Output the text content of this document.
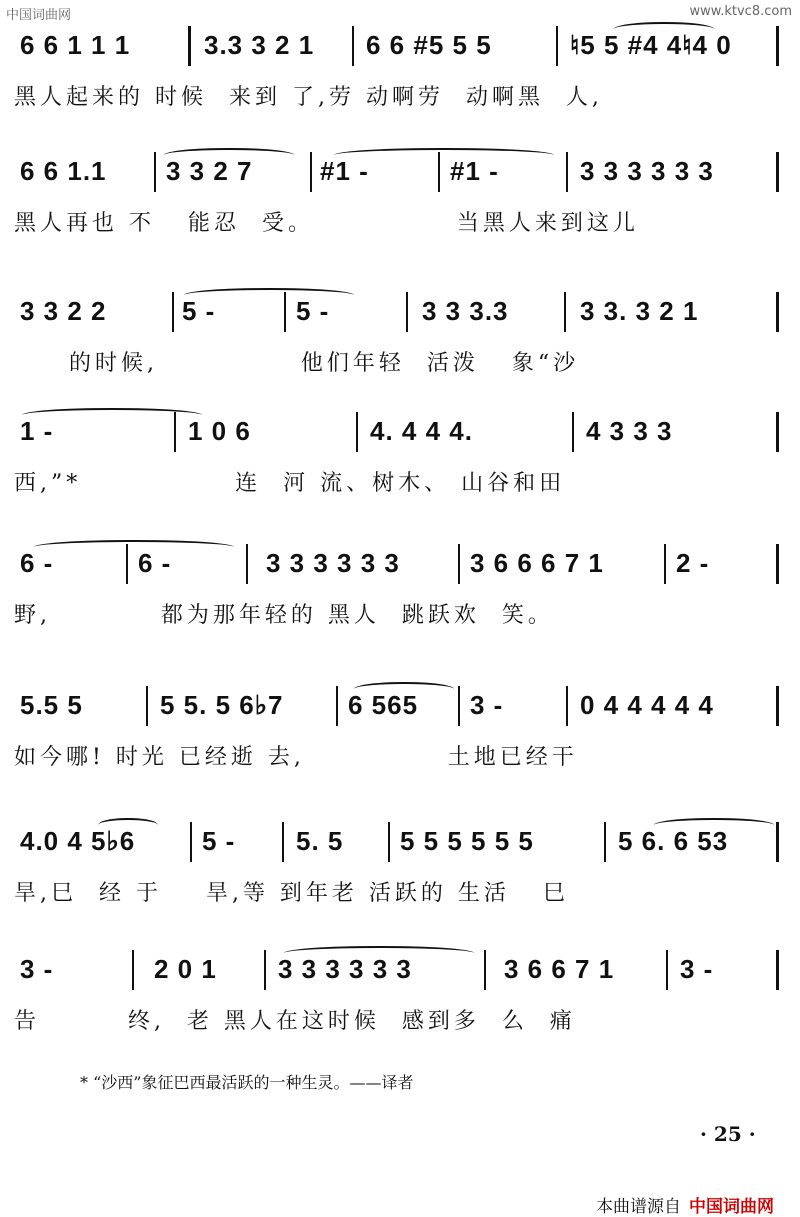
中国词曲网	www.ktvc8.com
6 6 1 1 1	3.3 3 2 1 6 6 #5 5 5	♮5 5 #4 4♮4 0
黑人起来的 时候  来到 了,劳 动啊劳  动啊黑  人,
6 6 1.1 3 3 2 7	#1 -	#1 -	3 3 3 3 3 3
黑人再也 不   能忍  受。             当黑人来到这儿
3 3 2 2	5 -	5 -	3 3 3.3	3 3. 3 2 1
的时候,             他们年轻  活泼   象“沙
1 -	1 0 6	4. 4 4 4.	4 3 3 3
西,”*              连  河 流、树木、 山谷和田
6 -	6 -	3 3 3 3 3 3	3 6 6 6 7 1	2 -
野,          都为那年轻的 黑人  跳跃欢  笑。
5.5 5	5 5. 5 6♭7 6 565 3 -	0 4 4 4 4 4
如今哪! 时光 已经逝 去,             土地已经干
4.0 4 5♭6	5 - 5. 5 5 5 5 5 5 5	5 6. 6 53
旱,巳  经 于    旱,等 到年老 活跃的 生活   巳
3 -	2 0 1 3 3 3 3 3 3	3 6 6 7 1	3 -
告        终,  老 黑人在这时候  感到多  么  痛
* “沙西”象征巴西最活跃的一种生灵。——译者
· 25 ·
本曲谱源自 中国词曲网
